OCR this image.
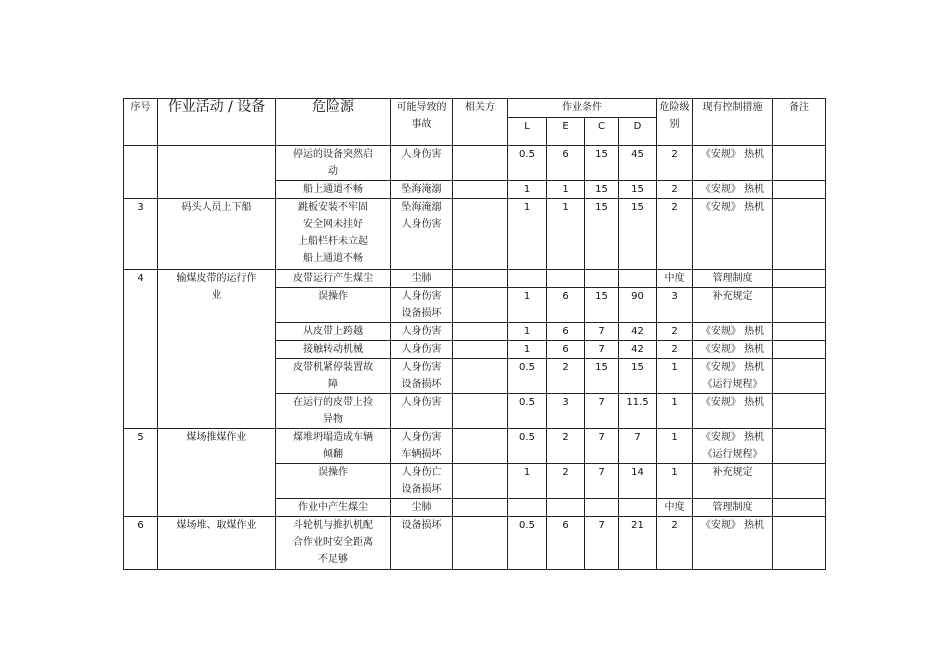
序号	作业活动 / 设备	危险源	可能导致的事故	相关方	作业条件				危险级别	现有控制措施	备注
					L	E	C	D			

		停运的设备突然启
动	人身伤害		0.5	6	15	45	2	《安规》 热机	

		船上通道不畅	坠海淹溺		1	1	15	15	2	《安规》 热机	

3	码头人员上下船	跳板安装不牢固
安全网未挂好
上船栏杆未立起
船上通道不畅	坠海淹溺
人身伤害		1	1	15	15	2	《安规》 热机	

4	输煤皮带的运行作业	皮带运行产生煤尘	尘肺						中度	管理制度	

		误操作	人身伤害
设备损坏		1	6	15	90	3	补充规定	

		从皮带上跨越	人身伤害		1	6	7	42	2	《安规》 热机	

		接触转动机械	人身伤害		1	6	7	42	2	《安规》 热机	

		皮带机紧停装置故
障	人身伤害
设备损坏		0.5	2	15	15	1	《安规》 热机
《运行规程》	

		在运行的皮带上捡
异物	人身伤害		0.5	3	7	11.5	1	《安规》 热机	

5	煤场推煤作业	煤堆坍塌造成车辆
倾翻	人身伤害
车辆损坏		0.5	2	7	7	1	《安规》 热机
《运行规程》	

		误操作	人身伤亡
设备损坏		1	2	7	14	1	补充规定	

		作业中产生煤尘	尘肺						中度	管理制度	

6	煤场堆、取煤作业	斗轮机与推扒机配
合作业时安全距离
不足够	设备损坏		0.5	6	7	21	2	《安规》 热机	
